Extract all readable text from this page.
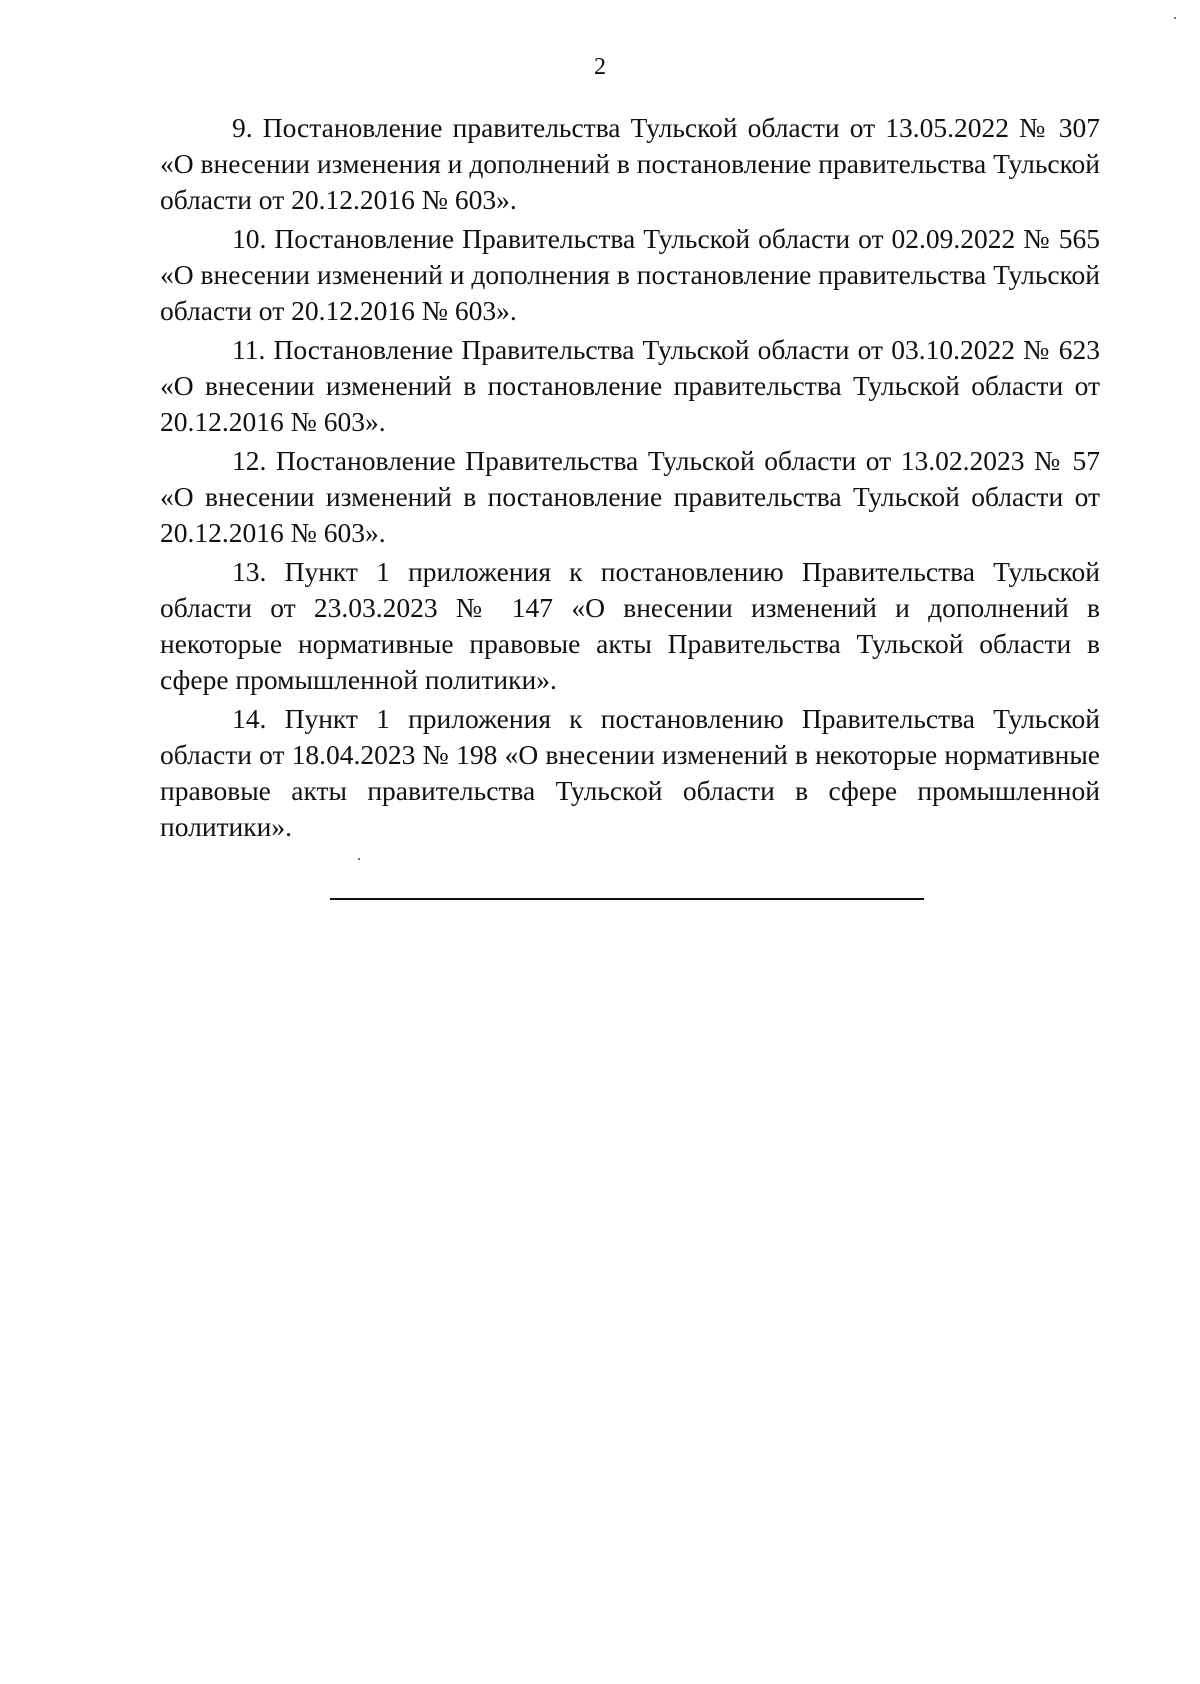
2

9. Постановление правительства Тульской области от 13.05.2022 № 307 «О внесении изменения и дополнений в постановление правительства Тульской области от 20.12.2016 № 603».

10. Постановление Правительства Тульской области от 02.09.2022 № 565 «О внесении изменений и дополнения в постановление правительства Тульской области от 20.12.2016 № 603».

11. Постановление Правительства Тульской области от 03.10.2022 № 623 «О внесении изменений в постановление правительства Тульской области от 20.12.2016 № 603».

12. Постановление Правительства Тульской области от 13.02.2023 № 57 «О внесении изменений в постановление правительства Тульской области от 20.12.2016 № 603».

13. Пункт 1 приложения к постановлению Правительства Тульской области от 23.03.2023 № 147 «О внесении изменений и дополнений в некоторые нормативные правовые акты Правительства Тульской области в сфере промышленной политики».

14. Пункт 1 приложения к постановлению Правительства Тульской области от 18.04.2023 № 198 «О внесении изменений в некоторые нормативные правовые акты правительства Тульской области в сфере промышленной политики».
